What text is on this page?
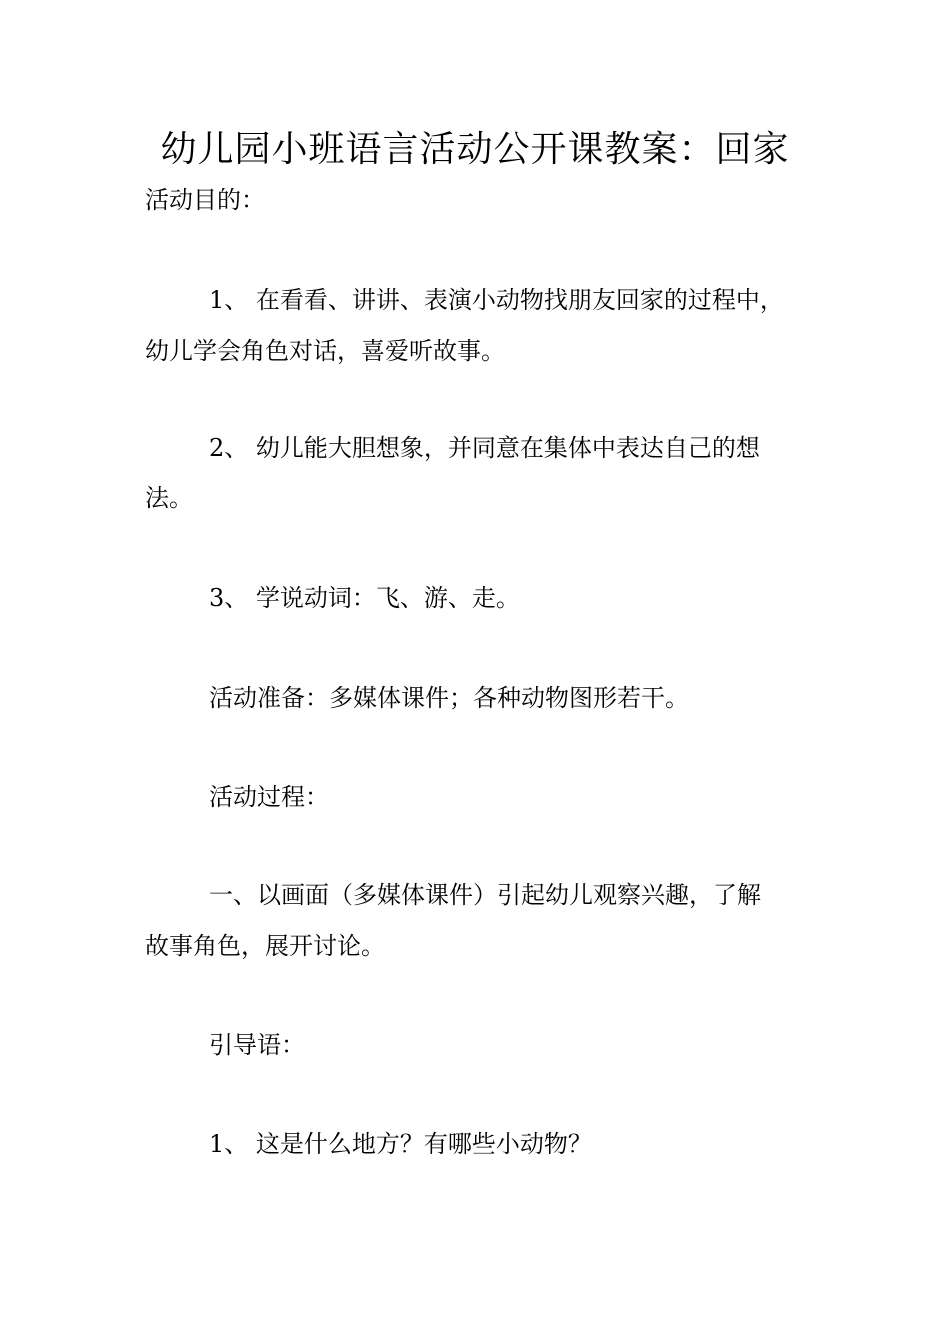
幼儿园小班语言活动公开课教案：回家

活动目的：

1、 在看看、讲讲、表演小动物找朋友回家的过程中，

幼儿学会角色对话，喜爱听故事。

2、 幼儿能大胆想象，并同意在集体中表达自己的想

法。

3、 学说动词：飞、游、走。

活动准备：多媒体课件；各种动物图形若干。

活动过程：

一、以画面（多媒体课件）引起幼儿观察兴趣，了解

故事角色，展开讨论。

引导语：

1、 这是什么地方？有哪些小动物？
